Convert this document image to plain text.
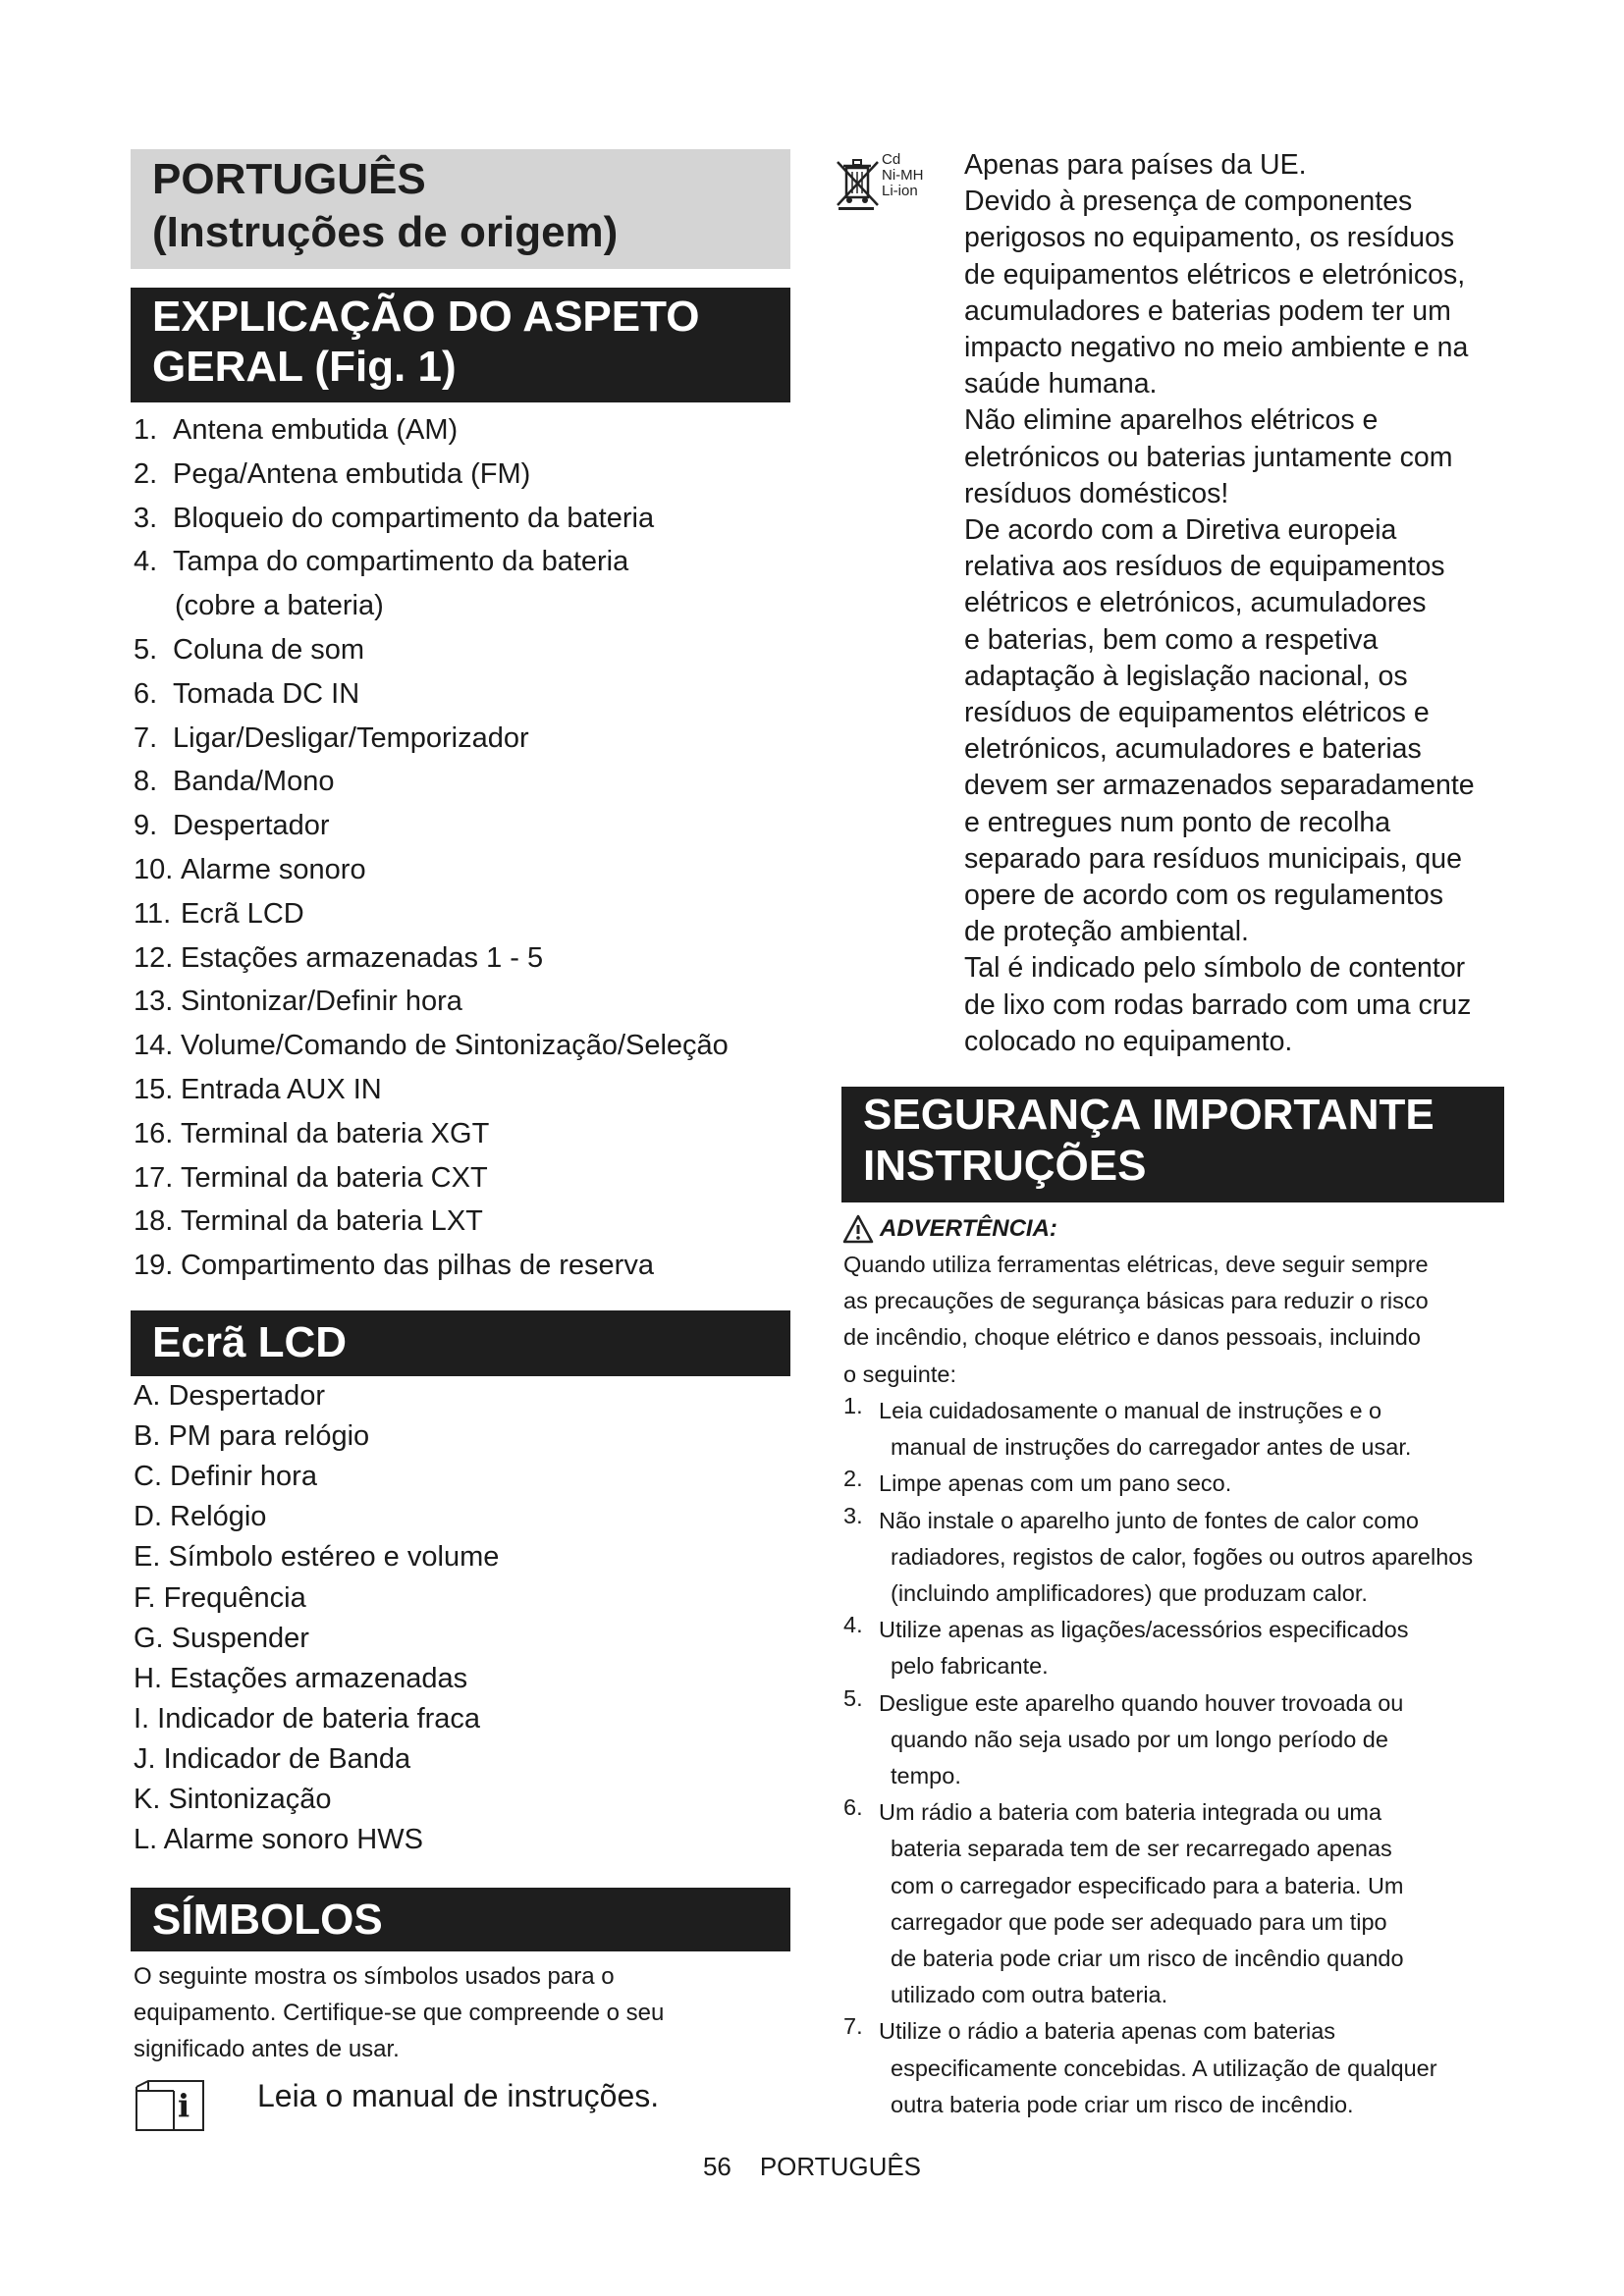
PORTUGUÊS
(Instruções de origem)
EXPLICAÇÃO DO ASPETO
GERAL (Fig. 1)
1. Antena embutida (AM)
2. Pega/Antena embutida (FM)
3. Bloqueio do compartimento da bateria
4. Tampa do compartimento da bateria
(cobre a bateria)
5. Coluna de som
6. Tomada DC IN
7. Ligar/Desligar/Temporizador
8. Banda/Mono
9. Despertador
10. Alarme sonoro
11. Ecrã LCD
12. Estações armazenadas 1 - 5
13. Sintonizar/Definir hora
14. Volume/Comando de Sintonização/Seleção
15. Entrada AUX IN
16. Terminal da bateria XGT
17. Terminal da bateria CXT
18. Terminal da bateria LXT
19. Compartimento das pilhas de reserva
Ecrã LCD
A. Despertador
B. PM para relógio
C. Definir hora
D. Relógio
E. Símbolo estéreo e volume
F. Frequência
G. Suspender
H. Estações armazenadas
I. Indicador de bateria fraca
J. Indicador de Banda
K. Sintonização
L. Alarme sonoro HWS
SÍMBOLOS
O seguinte mostra os símbolos usados para o
equipamento. Certifique-se que compreende o seu
significado antes de usar.
i Leia o manual de instruções.
Cd
Ni-MH
Li-ion
Apenas para países da UE.
Devido à presença de componentes
perigosos no equipamento, os resíduos
de equipamentos elétricos e eletrónicos,
acumuladores e baterias podem ter um
impacto negativo no meio ambiente e na
saúde humana.
Não elimine aparelhos elétricos e
eletrónicos ou baterias juntamente com
resíduos domésticos!
De acordo com a Diretiva europeia
relativa aos resíduos de equipamentos
elétricos e eletrónicos, acumuladores
e baterias, bem como a respetiva
adaptação à legislação nacional, os
resíduos de equipamentos elétricos e
eletrónicos, acumuladores e baterias
devem ser armazenados separadamente
e entregues num ponto de recolha
separado para resíduos municipais, que
opere de acordo com os regulamentos
de proteção ambiental.
Tal é indicado pelo símbolo de contentor
de lixo com rodas barrado com uma cruz
colocado no equipamento.
SEGURANÇA IMPORTANTE
INSTRUÇÕES
ADVERTÊNCIA:
Quando utiliza ferramentas elétricas, deve seguir sempre
as precauções de segurança básicas para reduzir o risco
de incêndio, choque elétrico e danos pessoais, incluindo
o seguinte:
1. Leia cuidadosamente o manual de instruções e o
manual de instruções do carregador antes de usar.
2. Limpe apenas com um pano seco.
3. Não instale o aparelho junto de fontes de calor como
radiadores, registos de calor, fogões ou outros aparelhos
(incluindo amplificadores) que produzam calor.
4. Utilize apenas as ligações/acessórios especificados
pelo fabricante.
5. Desligue este aparelho quando houver trovoada ou
quando não seja usado por um longo período de
tempo.
6. Um rádio a bateria com bateria integrada ou uma
bateria separada tem de ser recarregado apenas
com o carregador especificado para a bateria. Um
carregador que pode ser adequado para um tipo
de bateria pode criar um risco de incêndio quando
utilizado com outra bateria.
7. Utilize o rádio a bateria apenas com baterias
especificamente concebidas. A utilização de qualquer
outra bateria pode criar um risco de incêndio.
56 PORTUGUÊS
